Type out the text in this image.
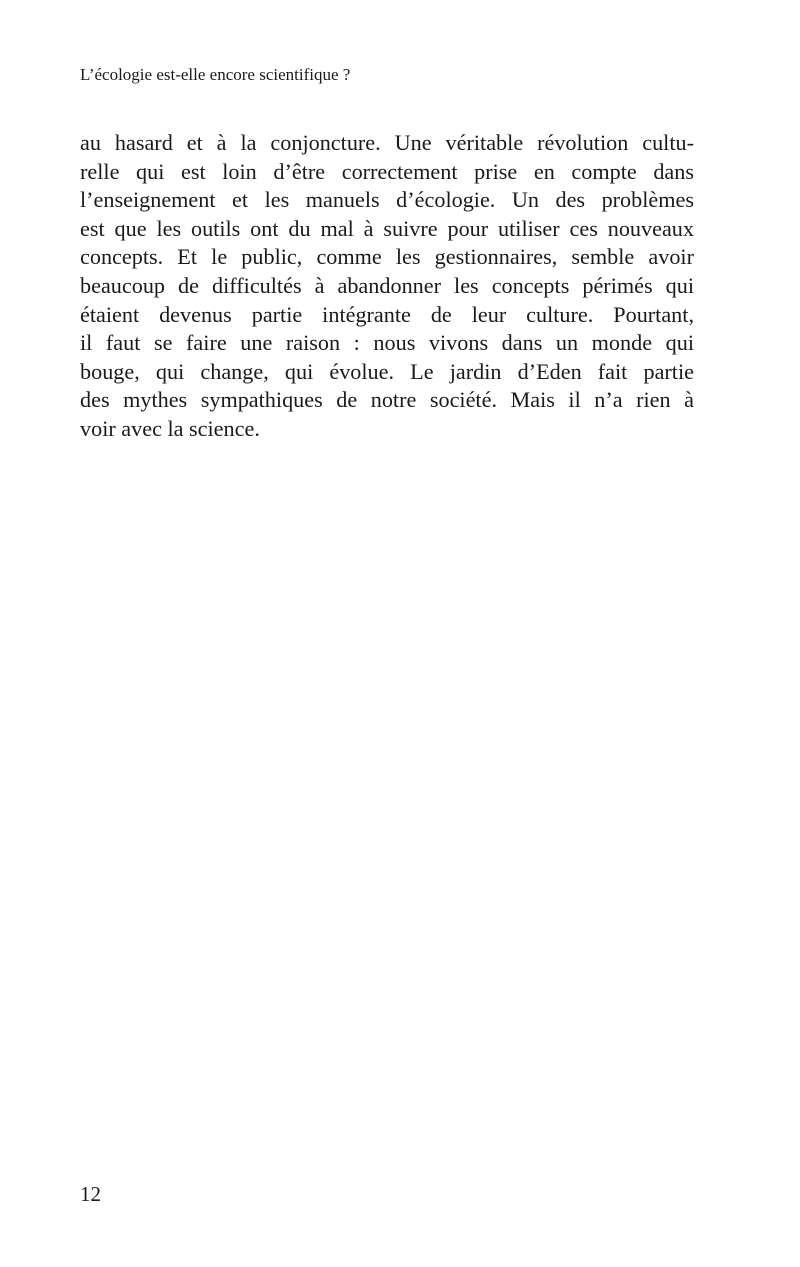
L’écologie est-elle encore scientifique ?
au hasard et à la conjoncture. Une véritable révolution cultu-
relle qui est loin d’être correctement prise en compte dans
l’enseignement et les manuels d’écologie. Un des problèmes
est que les outils ont du mal à suivre pour utiliser ces nouveaux
concepts. Et le public, comme les gestionnaires, semble avoir
beaucoup de difficultés à abandonner les concepts périmés qui
étaient devenus partie intégrante de leur culture. Pourtant,
il faut se faire une raison : nous vivons dans un monde qui
bouge, qui change, qui évolue. Le jardin d’Eden fait partie
des mythes sympathiques de notre société. Mais il n’a rien à
voir avec la science.
12
